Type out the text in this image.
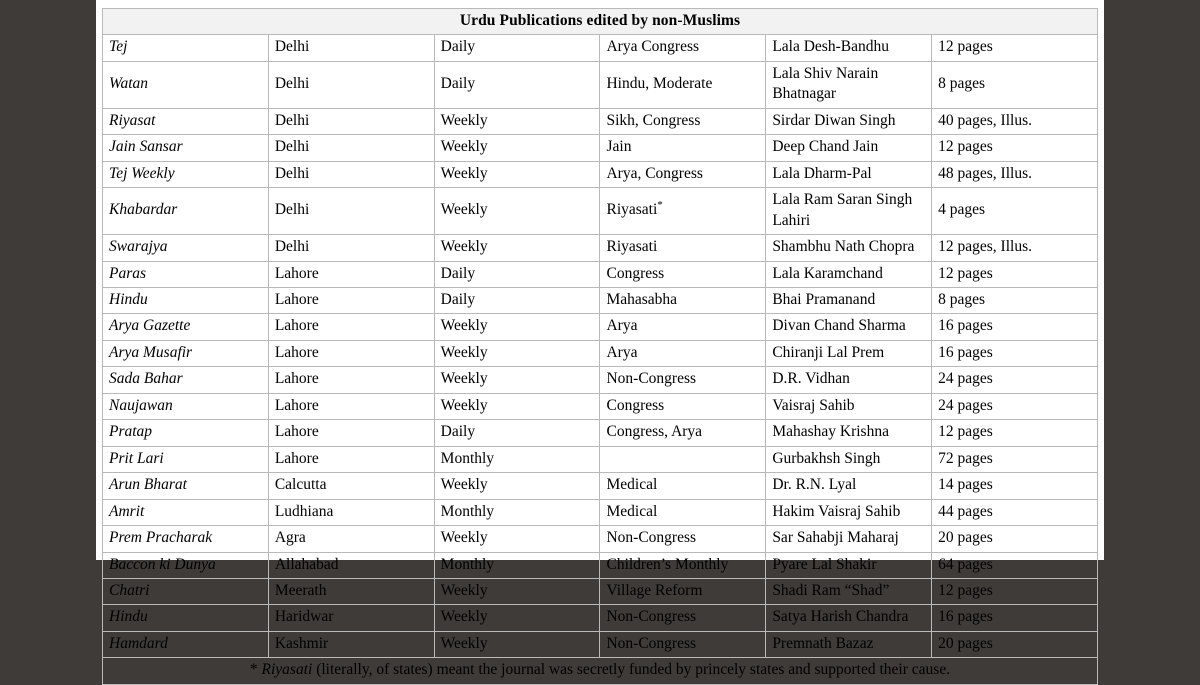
Urdu Publications edited by non-Muslims					
Tej	Delhi	Daily	Arya Congress	Lala Desh-Bandhu	12 pages
Watan	Delhi	Daily	Hindu, Moderate	Lala Shiv Narain Bhatnagar	8 pages
Riyasat	Delhi	Weekly	Sikh, Congress	Sirdar Diwan Singh	40 pages, Illus.
Jain Sansar	Delhi	Weekly	Jain	Deep Chand Jain	12 pages
Tej Weekly	Delhi	Weekly	Arya, Congress	Lala Dharm-Pal	48 pages, Illus.
Khabardar	Delhi	Weekly	Riyasati*	Lala Ram Saran Singh Lahiri	4 pages
Swarajya	Delhi	Weekly	Riyasati	Shambhu Nath Chopra	12 pages, Illus.
Paras	Lahore	Daily	Congress	Lala Karamchand	12 pages
Hindu	Lahore	Daily	Mahasabha	Bhai Pramanand	8 pages
Arya Gazette	Lahore	Weekly	Arya	Divan Chand Sharma	16 pages
Arya Musafir	Lahore	Weekly	Arya	Chiranji Lal Prem	16 pages
Sada Bahar	Lahore	Weekly	Non-Congress	D.R. Vidhan	24 pages
Naujawan	Lahore	Weekly	Congress	Vaisraj Sahib	24 pages
Pratap	Lahore	Daily	Congress, Arya	Mahashay Krishna	12 pages
Prit Lari	Lahore	Monthly		Gurbakhsh Singh	72 pages
Arun Bharat	Calcutta	Weekly	Medical	Dr. R.N. Lyal	14 pages
Amrit	Ludhiana	Monthly	Medical	Hakim Vaisraj Sahib	44 pages
Prem Pracharak	Agra	Weekly	Non-Congress	Sar Sahabji Maharaj	20 pages
Baccon ki Dunya	Allahabad	Monthly	Children’s Monthly	Pyare Lal Shakir	64 pages
Chatri	Meerath	Weekly	Village Reform	Shadi Ram “Shad”	12 pages
Hindu	Haridwar	Weekly	Non-Congress	Satya Harish Chandra	16 pages
Hamdard	Kashmir	Weekly	Non-Congress	Premnath Bazaz	20 pages
* Riyasati (literally, of states) meant the journal was secretly funded by princely states and supported their cause.					
